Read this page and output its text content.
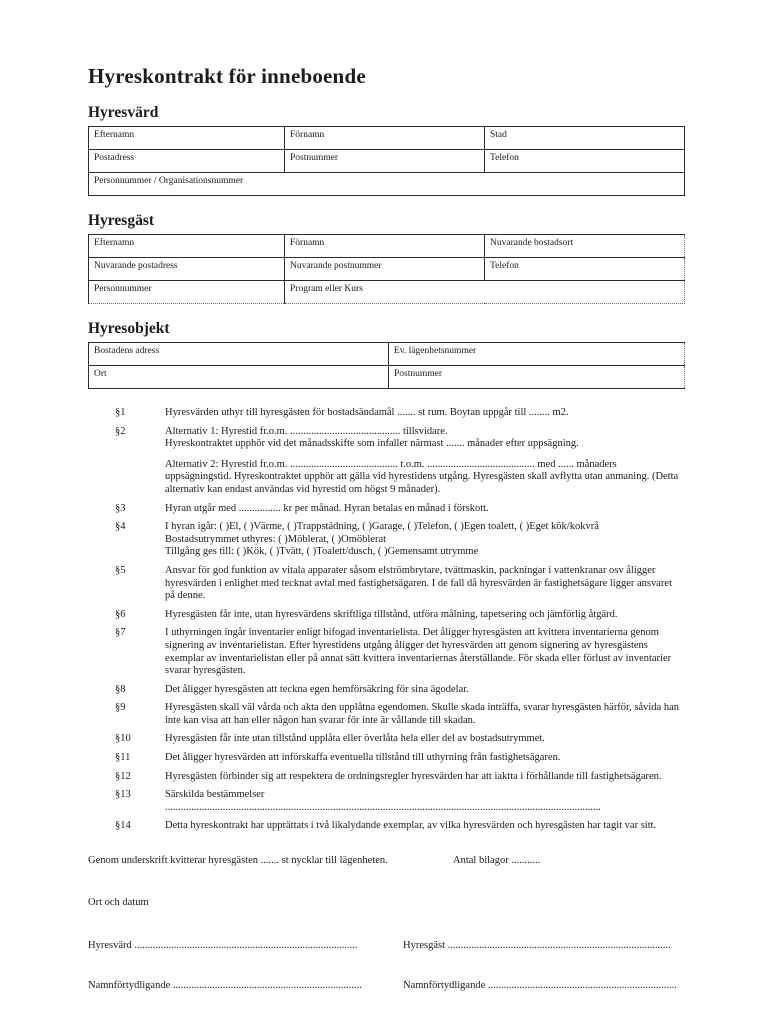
Hyreskontrakt för inneboende
Hyresvärd
Efternamn	Förnamn	Stad
Postadress	Postnummer	Telefon
Personnummer / Organisationsnummer		
Hyresgäst
Efternamn	Förnamn	Nuvarande bostadsort
Nuvarande postadress	Nuvarande postnummer	Telefon
Personnummer	Program eller Kurs	
Hyresobjekt
Bostadens adress	Ev. lägenhetsnummer
Ort	Postnummer
§1	Hyresvärden uthyr till hyresgästen för bostadsändamål ....... st rum. Boytan uppgår till ........ m2.
§2	Alternativ 1: Hyrestid fr.o.m. .......................................... tillsvidare.
Hyreskontraktet upphör vid det månadsskifte som infaller närmast ....... månader efter uppsägning.
Alternativ 2: Hyrestid fr.o.m. ......................................... t.o.m. ......................................... med ...... månaders uppsägningstid. Hyreskontraktet upphör att gälla vid hyrestidens utgång. Hyresgästen skall avflytta utan anmaning. (Detta alternativ kan endast användas vid hyrestid om högst 9 månader).
§3	Hyran utgår med ................ kr per månad. Hyran betalas en månad i förskott.
§4	I hyran igår: ( )El, ( )Värme, ( )Trappstädning, ( )Garage, ( )Telefon, ( )Egen toalett, ( )Eget kök/kokvrå
Bostadsutrymmet uthyres: ( )Möblerat, ( )Omöblerat
Tillgång ges till: ( )Kök, ( )Tvätt, ( )Toalett/dusch, ( )Gemensamt utrymme
§5	Ansvar för god funktion av vitala apparater såsom elströmbrytare, tvättmaskin, packningar i vattenkranar osv åligger hyresvärden i enlighet med tecknat avtal med fastighetsägaren. I de fall då hyresvärden är fastighetsägare ligger ansvaret på denne.
§6	Hyresgästen får inte, utan hyresvärdens skriftliga tillstånd, utföra målning, tapetsering och jämförlig åtgärd.
§7	I uthyrningen ingår inventarier enligt bifogad inventarielista. Det åligger hyresgästen att kvittera inventarierna genom signering av inventarielistan. Efter hyrestidens utgång åligger det hyresvärden att genom signering av hyresgästens exemplar av inventarielistan eller på annat sätt kvittera inventariernas återställande. För skada eller förlust av inventarier svarar hyresgästen.
§8	Det åligger hyresgästen att teckna egen hemförsäkring för sina ägodelar.
§9	Hyresgästen skall väl vårda och akta den upplåtna egendomen. Skulle skada inträffa, svarar hyresgästen härför, såvida han inte kan visa att han eller någon han svarar för inte är vållande till skadan.
§10	Hyresgästen får inte utan tillstånd upplåta eller överlåta hela eller del av bostadsutrymmet.
§11	Det åligger hyresvärden att införskaffa eventuella tillstånd till uthyrning från fastighetsägaren.
§12	Hyresgästen förbinder sig att respektera de ordningsregler hyresvärden har att iaktta i förhållande till fastighetsägaren.
§13	Särskilda bestämmelser ......................................................................................................................................................................
§14	Detta hyreskontrakt har upprättats i två likalydande exemplar, av vilka hyresvärden och hyresgästen har tagit var sitt.
Genom underskrift kvitterar hyresgästen ....... st nycklar till lägenheten.	Antal bilagor ...........
Ort och datum
Hyresvärd .....................................................................................	Hyresgäst .....................................................................................
Namnförtydligande ........................................................................	Namnförtydligande ........................................................................
